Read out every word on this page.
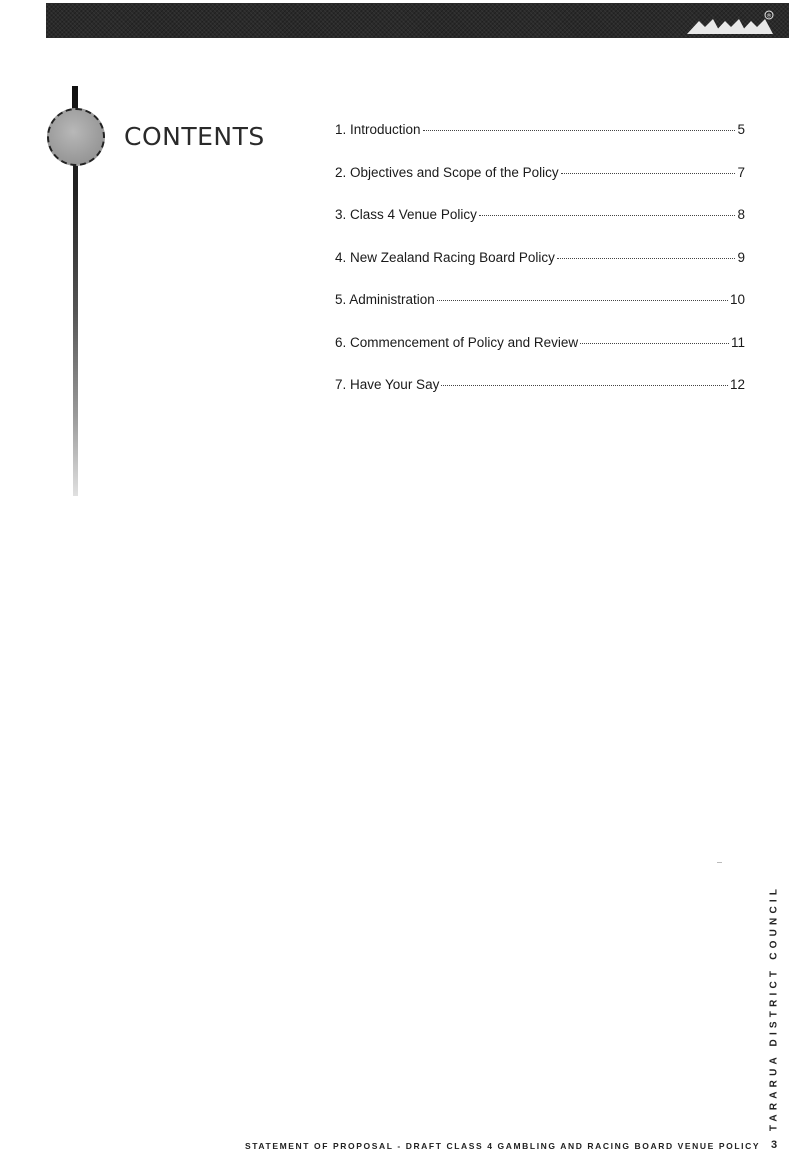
®
CONTENTS	1. Introduction	5
2. Objectives and Scope of the Policy	7
3. Class 4 Venue Policy	8
4. New Zealand Racing Board Policy	9
5. Administration	10
6. Commencement of Policy and Review	11
7. Have Your Say	12
TARARUA DISTRICT COUNCIL
STATEMENT OF PROPOSAL - DRAFT CLASS 4 GAMBLING AND RACING BOARD VENUE POLICY 3
